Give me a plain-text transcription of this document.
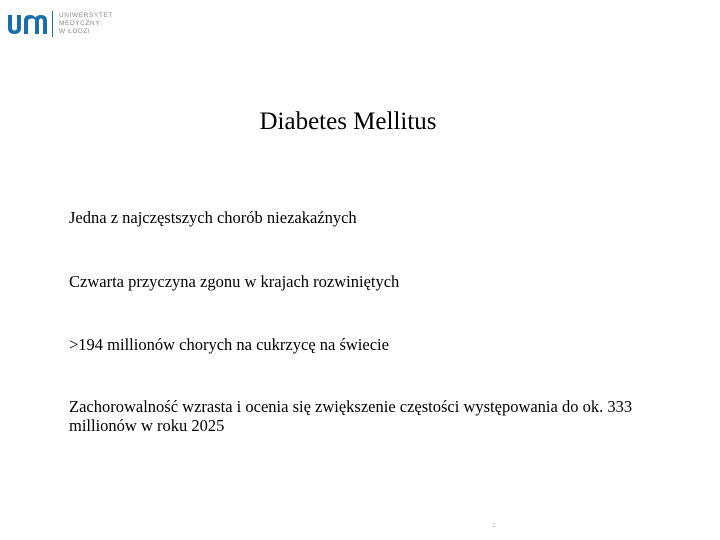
UNIWERSYTET
MEDYCZNY
W ŁODZI
Diabetes Mellitus
Jedna z najczęstszych chorób niezakaźnych
Czwarta przyczyna zgonu w krajach rozwiniętych
>194 millionów chorych na cukrzycę na świecie
Zachorowalność wzrasta i ocenia się zwiększenie częstości występowania do ok. 333 millionów w roku 2025
:
